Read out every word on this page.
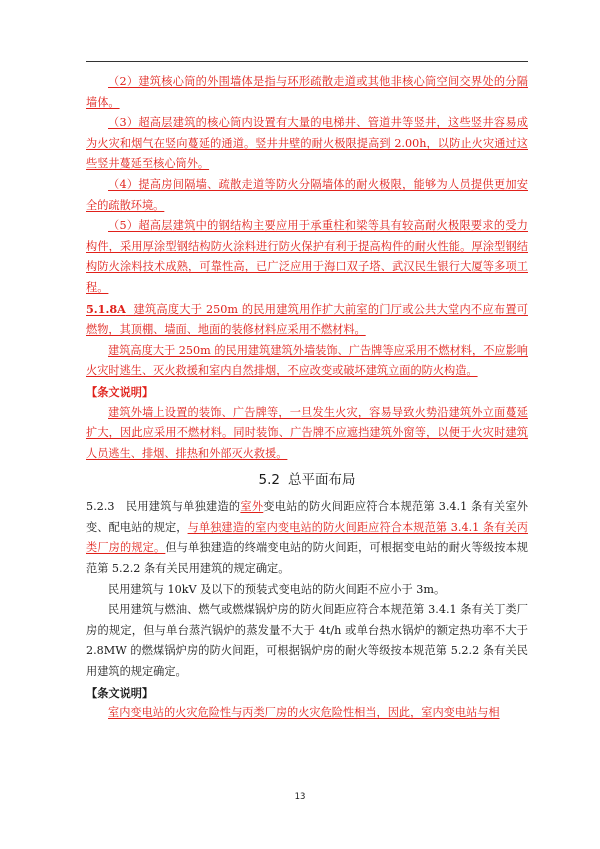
（2）建筑核心筒的外围墙体是指与环形疏散走道或其他非核心筒空间交界处的分隔墙体。

（3）超高层建筑的核心筒内设置有大量的电梯井、管道井等竖井，这些竖井容易成为火灾和烟气在竖向蔓延的通道。竖井井壁的耐火极限提高到 2.00h，以防止火灾通过这些竖井蔓延至核心筒外。

（4）提高房间隔墙、疏散走道等防火分隔墙体的耐火极限，能够为人员提供更加安全的疏散环境。

（5）超高层建筑中的钢结构主要应用于承重柱和梁等具有较高耐火极限要求的受力构件，采用厚涂型钢结构防火涂料进行防火保护有利于提高构件的耐火性能。厚涂型钢结构防火涂料技术成熟，可靠性高，已广泛应用于海口双子塔、武汉民生银行大厦等多项工程。

5.1.8A 建筑高度大于 250m 的民用建筑用作扩大前室的门厅或公共大堂内不应布置可燃物，其顶棚、墙面、地面的装修材料应采用不燃材料。

建筑高度大于 250m 的民用建筑建筑外墙装饰、广告牌等应采用不燃材料，不应影响火灾时逃生、灭火救援和室内自然排烟，不应改变或破坏建筑立面的防火构造。

【条文说明】

建筑外墙上设置的装饰、广告牌等，一旦发生火灾，容易导致火势沿建筑外立面蔓延扩大，因此应采用不燃材料。同时装饰、广告牌不应遮挡建筑外窗等，以便于火灾时建筑人员逃生、排烟、排热和外部灭火救援。

5.2 总平面布局

5.2.3 民用建筑与单独建造的室外变电站的防火间距应符合本规范第 3.4.1 条有关室外变、配电站的规定，与单独建造的室内变电站的防火间距应符合本规范第 3.4.1 条有关丙类厂房的规定。但与单独建造的终端变电站的防火间距，可根据变电站的耐火等级按本规范第 5.2.2 条有关民用建筑的规定确定。

民用建筑与 10kV 及以下的预装式变电站的防火间距不应小于 3m。

民用建筑与燃油、燃气或燃煤锅炉房的防火间距应符合本规范第 3.4.1 条有关丁类厂房的规定，但与单台蒸汽锅炉的蒸发量不大于 4t/h 或单台热水锅炉的额定热功率不大于 2.8MW 的燃煤锅炉房的防火间距，可根据锅炉房的耐火等级按本规范第 5.2.2 条有关民用建筑的规定确定。

【条文说明】

室内变电站的火灾危险性与丙类厂房的火灾危险性相当，因此，室内变电站与相

13
